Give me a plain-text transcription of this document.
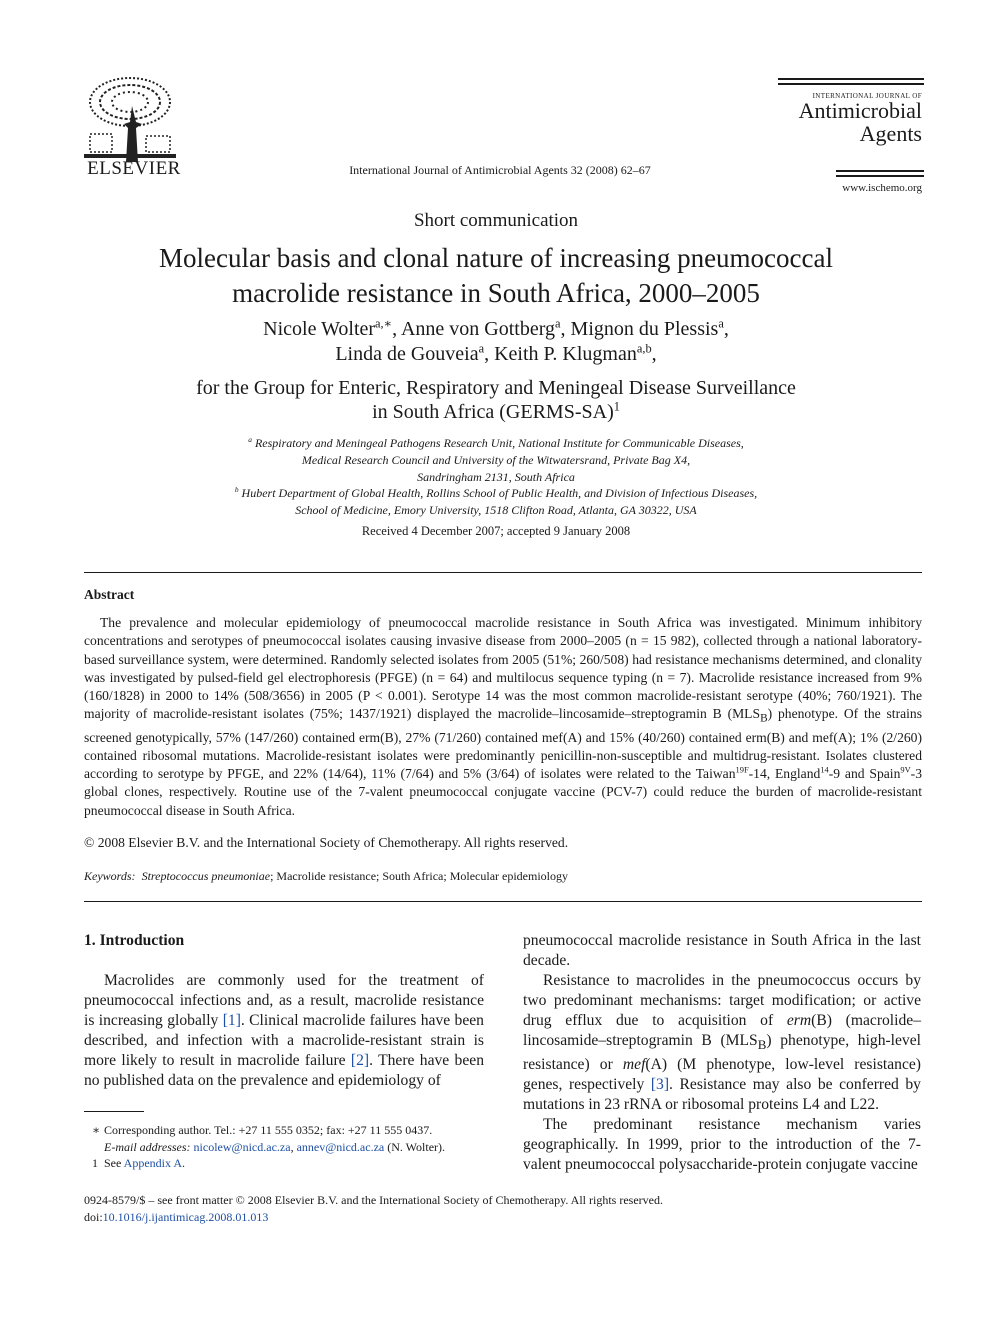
ELSEVIER	International Journal of Antimicrobial Agents 32 (2008) 62–67
INTERNATIONAL JOURNAL OF
Antimicrobial
Agents
www.ischemo.org
Short communication
Molecular basis and clonal nature of increasing pneumococcal
macrolide resistance in South Africa, 2000–2005
Nicole Wolter$^{a,∗}$, Anne von Gottberg$^a$, Mignon du Plessis$^a$,
Linda de Gouveia$^a$, Keith P. Klugman$^{a,b}$,
for the Group for Enteric, Respiratory and Meningeal Disease Surveillance
in South Africa (GERMS-SA)$^1$
$^a$ Respiratory and Meningeal Pathogens Research Unit, National Institute for Communicable Diseases,
Medical Research Council and University of the Witwatersrand, Private Bag X4,
Sandringham 2131, South Africa
$^b$ Hubert Department of Global Health, Rollins School of Public Health, and Division of Infectious Diseases,
School of Medicine, Emory University, 1518 Clifton Road, Atlanta, GA 30322, USA
Received 4 December 2007; accepted 9 January 2008
Abstract
The prevalence and molecular epidemiology of pneumococcal macrolide resistance in South Africa was investigated. Minimum inhibitory concentrations and serotypes of pneumococcal isolates causing invasive disease from 2000–2005 (n = 15 982), collected through a national laboratory-based surveillance system, were determined. Randomly selected isolates from 2005 (51%; 260/508) had resistance mechanisms determined, and clonality was investigated by pulsed-field gel electrophoresis (PFGE) (n = 64) and multilocus sequence typing (n = 7). Macrolide resistance increased from 9% (160/1828) in 2000 to 14% (508/3656) in 2005 (P < 0.001). Serotype 14 was the most common macrolide-resistant serotype (40%; 760/1921). The majority of macrolide-resistant isolates (75%; 1437/1921) displayed the macrolide–lincosamide–streptogramin B $(MLS_B)$ phenotype. Of the strains screened genotypically, 57% (147/260) contained erm(B), 27% (71/260) contained mef(A) and 15% (40/260) contained erm(B) and mef(A); 1% (2/260) contained ribosomal mutations. Macrolide-resistant isolates were predominantly penicillin-non-susceptible and multidrug-resistant. Isolates clustered according to serotype by PFGE, and 22% (14/64), 11% (7/64) and 5% (3/64) of isolates were related to the Taiwan$^{19F}$-14, England$^{14}$-9 and Spain$^{9V}$-3 global clones, respectively. Routine use of the 7-valent pneumococcal conjugate vaccine (PCV-7) could reduce the burden of macrolide-resistant pneumococcal disease in South Africa.
© 2008 Elsevier B.V. and the International Society of Chemotherapy. All rights reserved.
Keywords: Streptococcus pneumoniae; Macrolide resistance; South Africa; Molecular epidemiology
1. Introduction
Macrolides are commonly used for the treatment of pneumococcal infections and, as a result, macrolide resistance is increasing globally [1]. Clinical macrolide failures have been described, and infection with a macrolide-resistant strain is more likely to result in macrolide failure [2]. There have been no published data on the prevalence and epidemiology of

pneumococcal macrolide resistance in South Africa in the last decade.

Resistance to macrolides in the pneumococcus occurs by two predominant mechanisms: target modification; or active drug efflux due to acquisition of erm(B) (macrolide–lincosamide–streptogramin B $(MLS_B)$ phenotype, high-level resistance) or mef(A) (M phenotype, low-level resistance) genes, respectively [3]. Resistance may also be conferred by mutations in 23 rRNA or ribosomal proteins L4 and L22.

The predominant resistance mechanism varies geographically. In 1999, prior to the introduction of the 7-valent pneumococcal polysaccharide-protein conjugate vaccine

∗ Corresponding author. Tel.: +27 11 555 0352; fax: +27 11 555 0437.
E-mail addresses: nicolew@nicd.ac.za, annev@nicd.ac.za (N. Wolter).
1 See Appendix A.
0924-8579/$ – see front matter © 2008 Elsevier B.V. and the International Society of Chemotherapy. All rights reserved.
doi:10.1016/j.ijantimicag.2008.01.013
